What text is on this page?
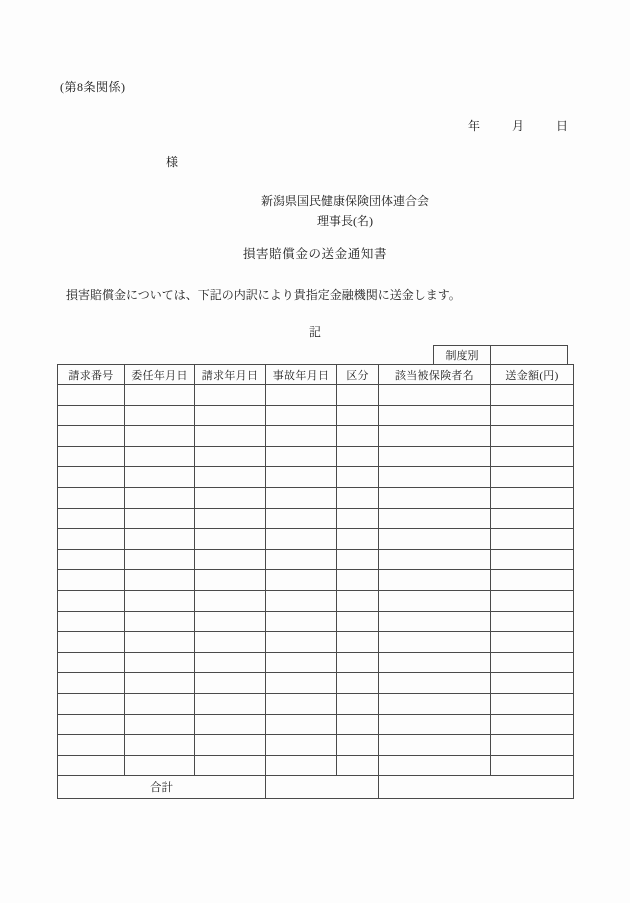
(第8条関係)
年	月	日
様
新潟県国民健康保険団体連合会
理事長(名)
損害賠償金の送金通知書
損害賠償金については、下記の内訳により貴指定金融機関に送金します。
記
制度別
請求番号	委任年月日	請求年月日	事故年月日	区分	該当被保険者名	送金額(円)

合計						
